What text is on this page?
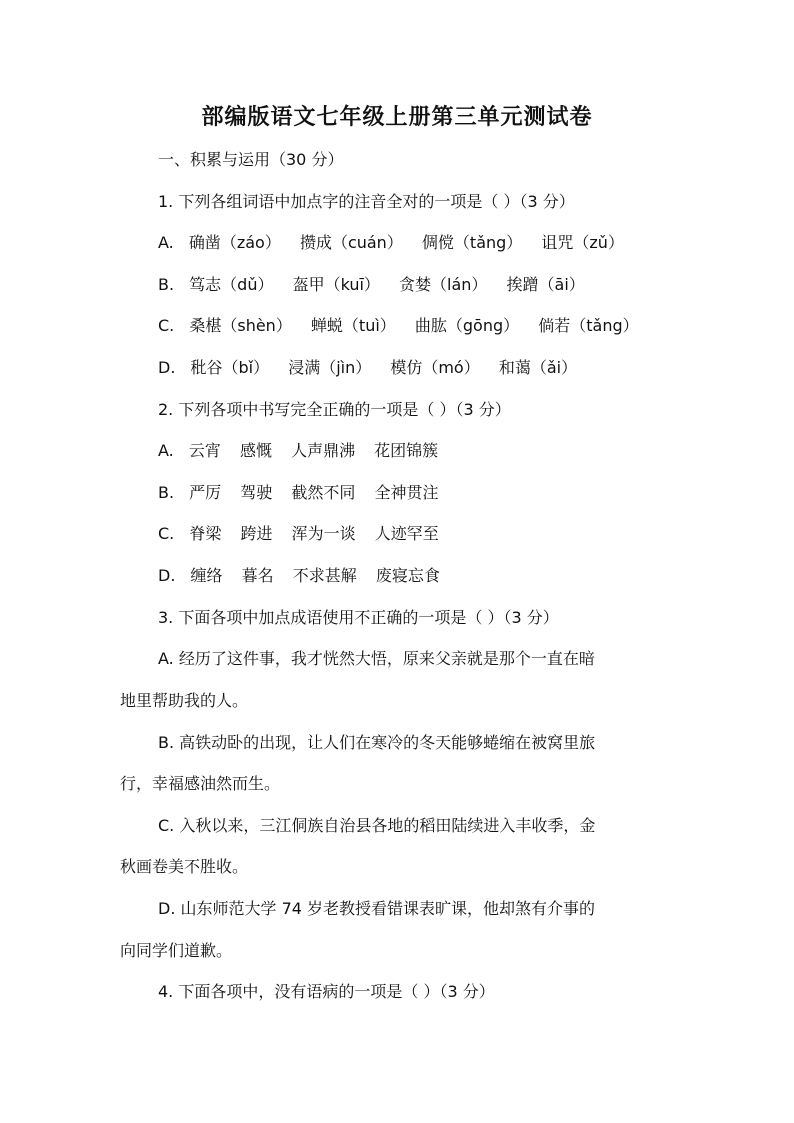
部编版语文七年级上册第三单元测试卷
一、积累与运用（30 分）
1. 下列各组词语中加点字的注音全对的一项是（ ）（3 分）
A. 确凿（záo） 攒成（cuán） 倜傥（tǎng） 诅咒（zǔ）
B. 笃志（dǔ） 盔甲（kuī） 贪婪（lán） 挨蹭（āi）
C. 桑椹（shèn） 蝉蜕（tuì） 曲肱（gōng） 倘若（tǎng）
D. 秕谷（bǐ） 浸满（jìn） 模仿（mó） 和蔼（ǎi）
2. 下列各项中书写完全正确的一项是（ ）（3 分）
A. 云宵 感慨 人声鼎沸 花团锦簇
B. 严厉 驾驶 截然不同 全神贯注
C. 脊梁 跨进 浑为一谈 人迹罕至
D. 缠络 暮名 不求甚解 废寝忘食
3. 下面各项中加点成语使用不正确的一项是（ ）（3 分）
A. 经历了这件事，我才恍然大悟，原来父亲就是那个一直在暗
地里帮助我的人。
B. 高铁动卧的出现，让人们在寒冷的冬天能够蜷缩在被窝里旅
行，幸福感油然而生。
C. 入秋以来，三江侗族自治县各地的稻田陆续进入丰收季，金
秋画卷美不胜收。
D. 山东师范大学 74 岁老教授看错课表旷课，他却煞有介事的
向同学们道歉。
4. 下面各项中，没有语病的一项是（ ）（3 分）
